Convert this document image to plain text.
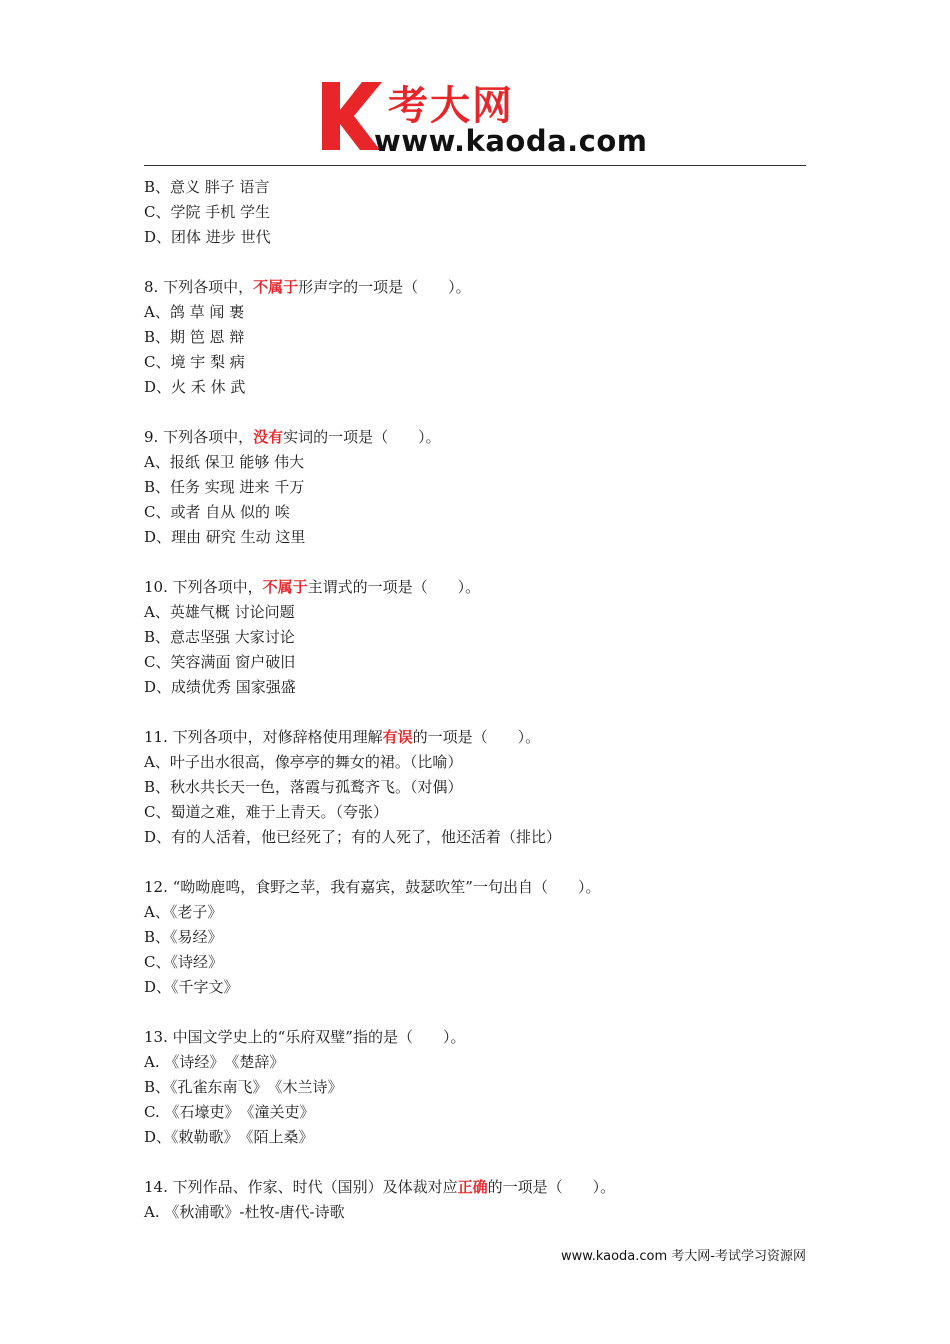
考大网
www.kaoda.com
B、意义 胖子 语言
C、学院 手机 学生
D、团体 进步 世代
8. 下列各项中，不属于形声字的一项是（　　）。
A、鸽 草 闻 裹
B、期 笆 恩 辩
C、境 宇 梨 病
D、火 禾 休 武
9. 下列各项中，没有实词的一项是（　　）。
A、报纸 保卫 能够 伟大
B、任务 实现 进来 千万
C、或者 自从 似的 唉
D、理由 研究 生动 这里
10. 下列各项中，不属于主谓式的一项是（　　）。
A、英雄气概 讨论问题
B、意志坚强 大家讨论
C、笑容满面 窗户破旧
D、成绩优秀 国家强盛
11. 下列各项中，对修辞格使用理解有误的一项是（　　）。
A、叶子出水很高，像亭亭的舞女的裙。（比喻）
B、秋水共长天一色，落霞与孤鹜齐飞。（对偶）
C、蜀道之难，难于上青天。（夸张）
D、有的人活着，他已经死了；有的人死了，他还活着（排比）
12. “呦呦鹿鸣，食野之苹，我有嘉宾，鼓瑟吹笙”一句出自（　　）。
A、《老子》
B、《易经》
C、《诗经》
D、《千字文》
13. 中国文学史上的“乐府双璧”指的是（　　）。
A. 《诗经》　《楚辞》
B、《孔雀东南飞》　《木兰诗》
C. 《石壕吏》　《潼关吏》
D、《敕勒歌》　《陌上桑》
14. 下列作品、作家、时代（国别）及体裁对应正确的一项是（　　）。
A. 《秋浦歌》-杜牧-唐代-诗歌
www.kaoda.com 考大网-考试学习资源网
